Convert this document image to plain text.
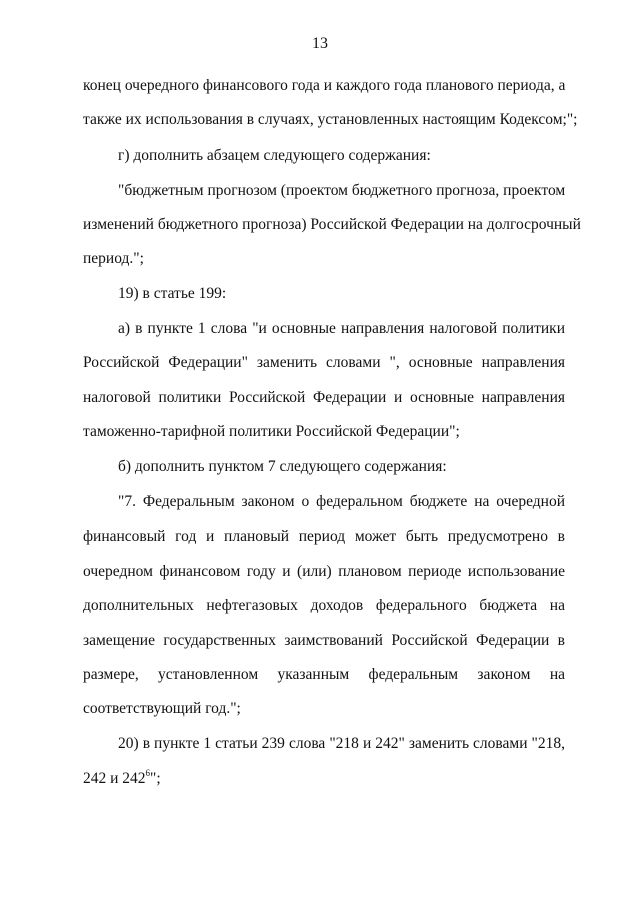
13
конец очередного финансового года и каждого года планового периода, а
также их использования в случаях, установленных настоящим Кодексом;";
г) дополнить абзацем следующего содержания:
"бюджетным прогнозом (проектом бюджетного прогноза, проектом
изменений бюджетного прогноза) Российской Федерации на долгосрочный
период.";
19) в статье 199:
а) в пункте 1 слова "и основные направления налоговой политики
Российской Федерации" заменить словами ", основные направления
налоговой политики Российской Федерации и основные направления
таможенно-тарифной политики Российской Федерации";
б) дополнить пунктом 7 следующего содержания:
"7. Федеральным законом о федеральном бюджете на очередной
финансовый год и плановый период может быть предусмотрено в
очередном финансовом году и (или) плановом периоде использование
дополнительных нефтегазовых доходов федерального бюджета на
замещение государственных заимствований Российской Федерации в
размере, установленном указанным федеральным законом на
соответствующий год.";
20) в пункте 1 статьи 239 слова "218 и 242" заменить словами "218,
242 и $242^6$";
